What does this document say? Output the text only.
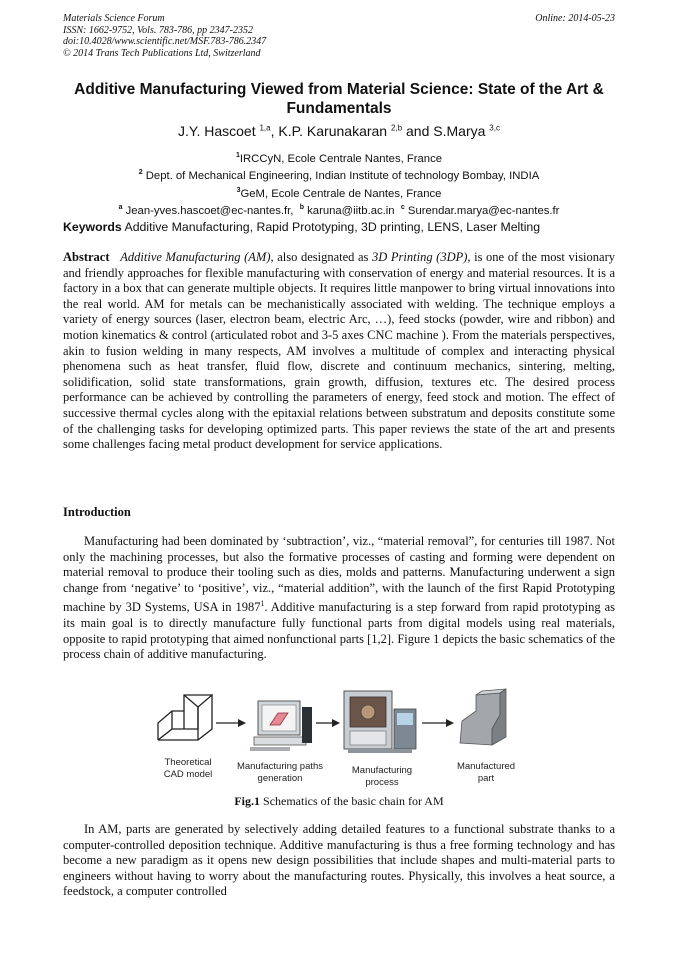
Materials Science Forum
ISSN: 1662-9752, Vols. 783-786, pp 2347-2352
doi:10.4028/www.scientific.net/MSF.783-786.2347
© 2014 Trans Tech Publications Ltd, Switzerland
Online: 2014-05-23
Additive Manufacturing Viewed from Material Science: State of the Art & Fundamentals
J.Y. Hascoet $^{1,a}$, K.P. Karunakaran $^{2,b}$ and S.Marya $^{3,c}$
$^1$IRCCyN, Ecole Centrale Nantes, France
$^2$ Dept. of Mechanical Engineering, Indian Institute of technology Bombay, INDIA
$^3$GeM, Ecole Centrale de Nantes, France
$^a$ Jean-yves.hascoet@ec-nantes.fr, $^b$ karuna@iitb.ac.in $^c$ Surendar.marya@ec-nantes.fr
Keywords Additive Manufacturing, Rapid Prototyping, 3D printing, LENS, Laser Melting
Abstract Additive Manufacturing (AM), also designated as 3D Printing (3DP), is one of the most visionary and friendly approaches for flexible manufacturing with conservation of energy and material resources. It is a factory in a box that can generate multiple objects. It requires little manpower to bring virtual innovations into the real world. AM for metals can be mechanistically associated with welding. The technique employs a variety of energy sources (laser, electron beam, electric Arc, …), feed stocks (powder, wire and ribbon) and motion kinematics & control (articulated robot and 3-5 axes CNC machine ). From the materials perspectives, akin to fusion welding in many respects, AM involves a multitude of complex and interacting physical phenomena such as heat transfer, fluid flow, discrete and continuum mechanics, sintering, melting, solidification, solid state transformations, grain growth, diffusion, textures etc. The desired process performance can be achieved by controlling the parameters of energy, feed stock and motion. The effect of successive thermal cycles along with the epitaxial relations between substratum and deposits constitute some of the challenging tasks for developing optimized parts. This paper reviews the state of the art and presents some challenges facing metal product development for service applications.
Introduction
Manufacturing had been dominated by ‘subtraction’, viz., “material removal”, for centuries till 1987. Not only the machining processes, but also the formative processes of casting and forming were dependent on material removal to produce their tooling such as dies, molds and patterns. Manufacturing underwent a sign change from ‘negative’ to ‘positive’, viz., “material addition”, with the launch of the first Rapid Prototyping machine by 3D Systems, USA in 1987$^1$. Additive manufacturing is a step forward from rapid prototyping as its main goal is to directly manufacture fully functional parts from digital models using real materials, opposite to rapid prototyping that aimed nonfunctional parts [1,2]. Figure 1 depicts the basic schematics of the process chain of additive manufacturing.
Theoretical
CAD model
Manufacturing paths
generation
Manufacturing
process
Manufactured
part
Fig.1 Schematics of the basic chain for AM
In AM, parts are generated by selectively adding detailed features to a functional substrate thanks to a computer-controlled deposition technique. Additive manufacturing is thus a free forming technology and has become a new paradigm as it opens new design possibilities that include shapes and multi-material parts to engineers without having to worry about the manufacturing routes. Physically, this involves a heat source, a feedstock, a computer controlled
